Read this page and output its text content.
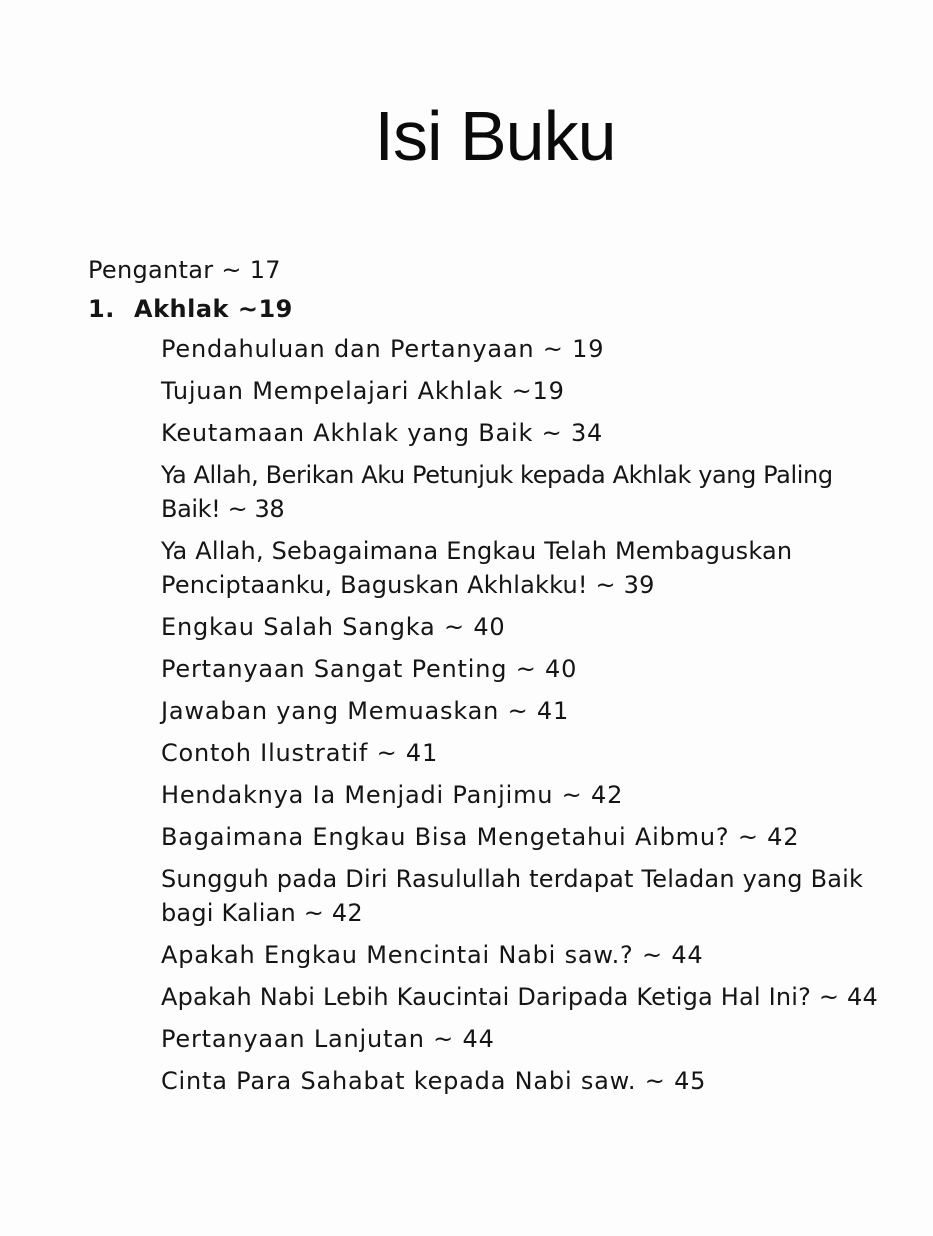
Isi Buku
Pengantar ~ 17
1. Akhlak ~19
Pendahuluan dan Pertanyaan ~ 19
Tujuan Mempelajari Akhlak ~19
Keutamaan Akhlak yang Baik ~ 34
Ya Allah, Berikan Aku Petunjuk kepada Akhlak yang Paling Baik! ~ 38
Ya Allah, Sebagaimana Engkau Telah Membaguskan Penciptaanku, Baguskan Akhlakku! ~ 39
Engkau Salah Sangka ~ 40
Pertanyaan Sangat Penting ~ 40
Jawaban yang Memuaskan ~ 41
Contoh Ilustratif ~ 41
Hendaknya Ia Menjadi Panjimu ~ 42
Bagaimana Engkau Bisa Mengetahui Aibmu? ~ 42
Sungguh pada Diri Rasulullah terdapat Teladan yang Baik bagi Kalian ~ 42
Apakah Engkau Mencintai Nabi saw.? ~ 44
Apakah Nabi Lebih Kaucintai Daripada Ketiga Hal Ini? ~ 44
Pertanyaan Lanjutan ~ 44
Cinta Para Sahabat kepada Nabi saw. ~ 45
